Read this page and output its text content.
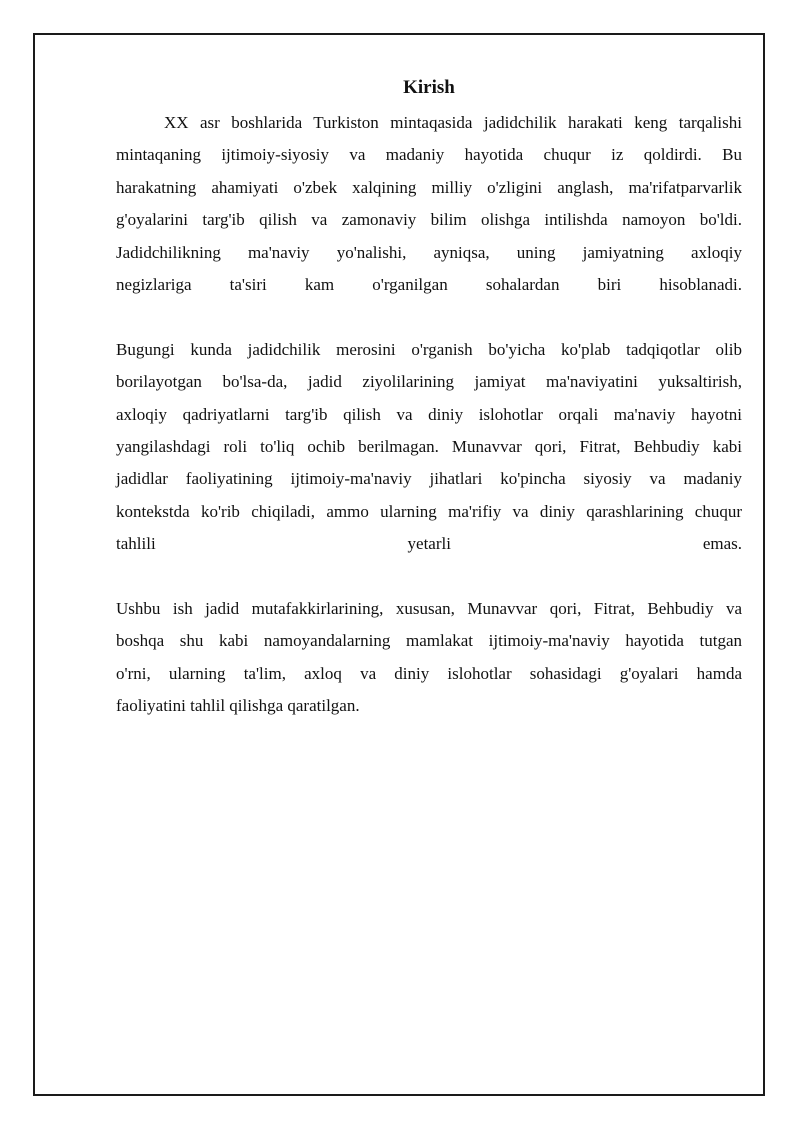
Kirish

XX asr boshlarida Turkiston mintaqasida jadidchilik harakati keng tarqalishi
mintaqaning ijtimoiy-siyosiy va madaniy hayotida chuqur iz qoldirdi. Bu
harakatning ahamiyati o'zbek xalqining milliy o'zligini anglash, ma'rifatparvarlik
g'oyalarini targ'ib qilish va zamonaviy bilim olishga intilishda namoyon bo'ldi.
Jadidchilikning ma'naviy yo'nalishi, ayniqsa, uning jamiyatning axloqiy
negizlariga ta'siri kam o'rganilgan sohalardan biri hisoblanadi.

Bugungi kunda jadidchilik merosini o'rganish bo'yicha ko'plab tadqiqotlar olib
borilayotgan bo'lsa-da, jadid ziyolilarining jamiyat ma'naviyatini yuksaltirish,
axloqiy qadriyatlarni targ'ib qilish va diniy islohotlar orqali ma'naviy hayotni
yangilashdagi roli to'liq ochib berilmagan. Munavvar qori, Fitrat, Behbudiy kabi
jadidlar faoliyatining ijtimoiy-ma'naviy jihatlari ko'pincha siyosiy va madaniy
kontekstda ko'rib chiqiladi, ammo ularning ma'rifiy va diniy qarashlarining chuqur
tahlili yetarli emas.

Ushbu ish jadid mutafakkirlarining, xususan, Munavvar qori, Fitrat, Behbudiy va
boshqa shu kabi namoyandalarning mamlakat ijtimoiy-ma'naviy hayotida tutgan
o'rni, ularning ta'lim, axloq va diniy islohotlar sohasidagi g'oyalari hamda
faoliyatini tahlil qilishga qaratilgan.
